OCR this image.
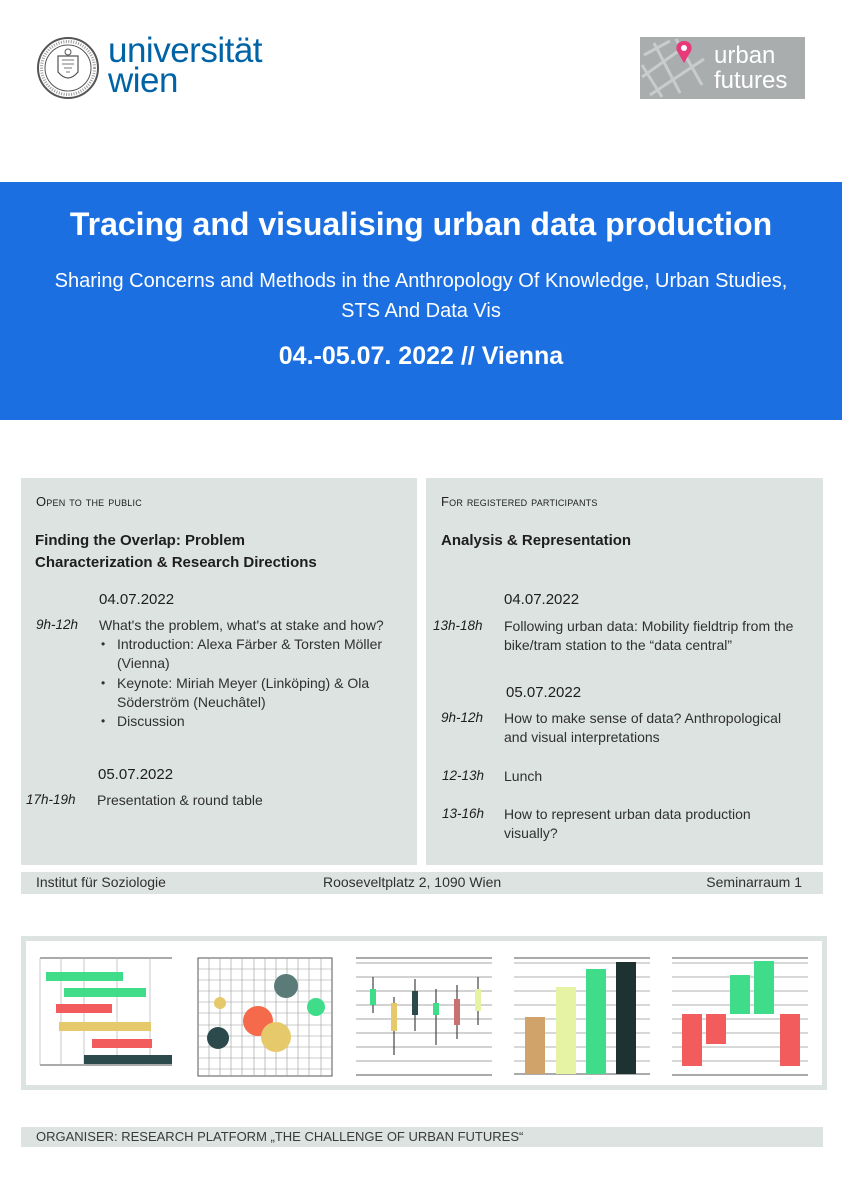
universität
wien
urban
futures
Tracing and visualising urban data production
Sharing Concerns and Methods in the Anthropology Of Knowledge, Urban Studies, STS And Data Vis
04.-05.07. 2022 // Vienna
Open to the public
Finding the Overlap: Problem Characterization & Research Directions
04.07.2022
9h-12h What's the problem, what's at stake and how?
• Introduction: Alexa Färber & Torsten Möller (Vienna)
• Keynote: Miriah Meyer (Linköping) & Ola Söderström (Neuchâtel)
• Discussion
05.07.2022
17h-19h Presentation & round table
For registered participants
Analysis & Representation
04.07.2022
13h-18h Following urban data: Mobility fieldtrip from the bike/tram station to the “data central”
05.07.2022
9h-12h How to make sense of data? Anthropological and visual interpretations
12-13h Lunch
13-16h How to represent urban data production visually?
Institut für Soziologie	Rooseveltplatz 2, 1090 Wien	Seminarraum 1
ORGANISER: RESEARCH PLATFORM „THE CHALLENGE OF URBAN FUTURES“
